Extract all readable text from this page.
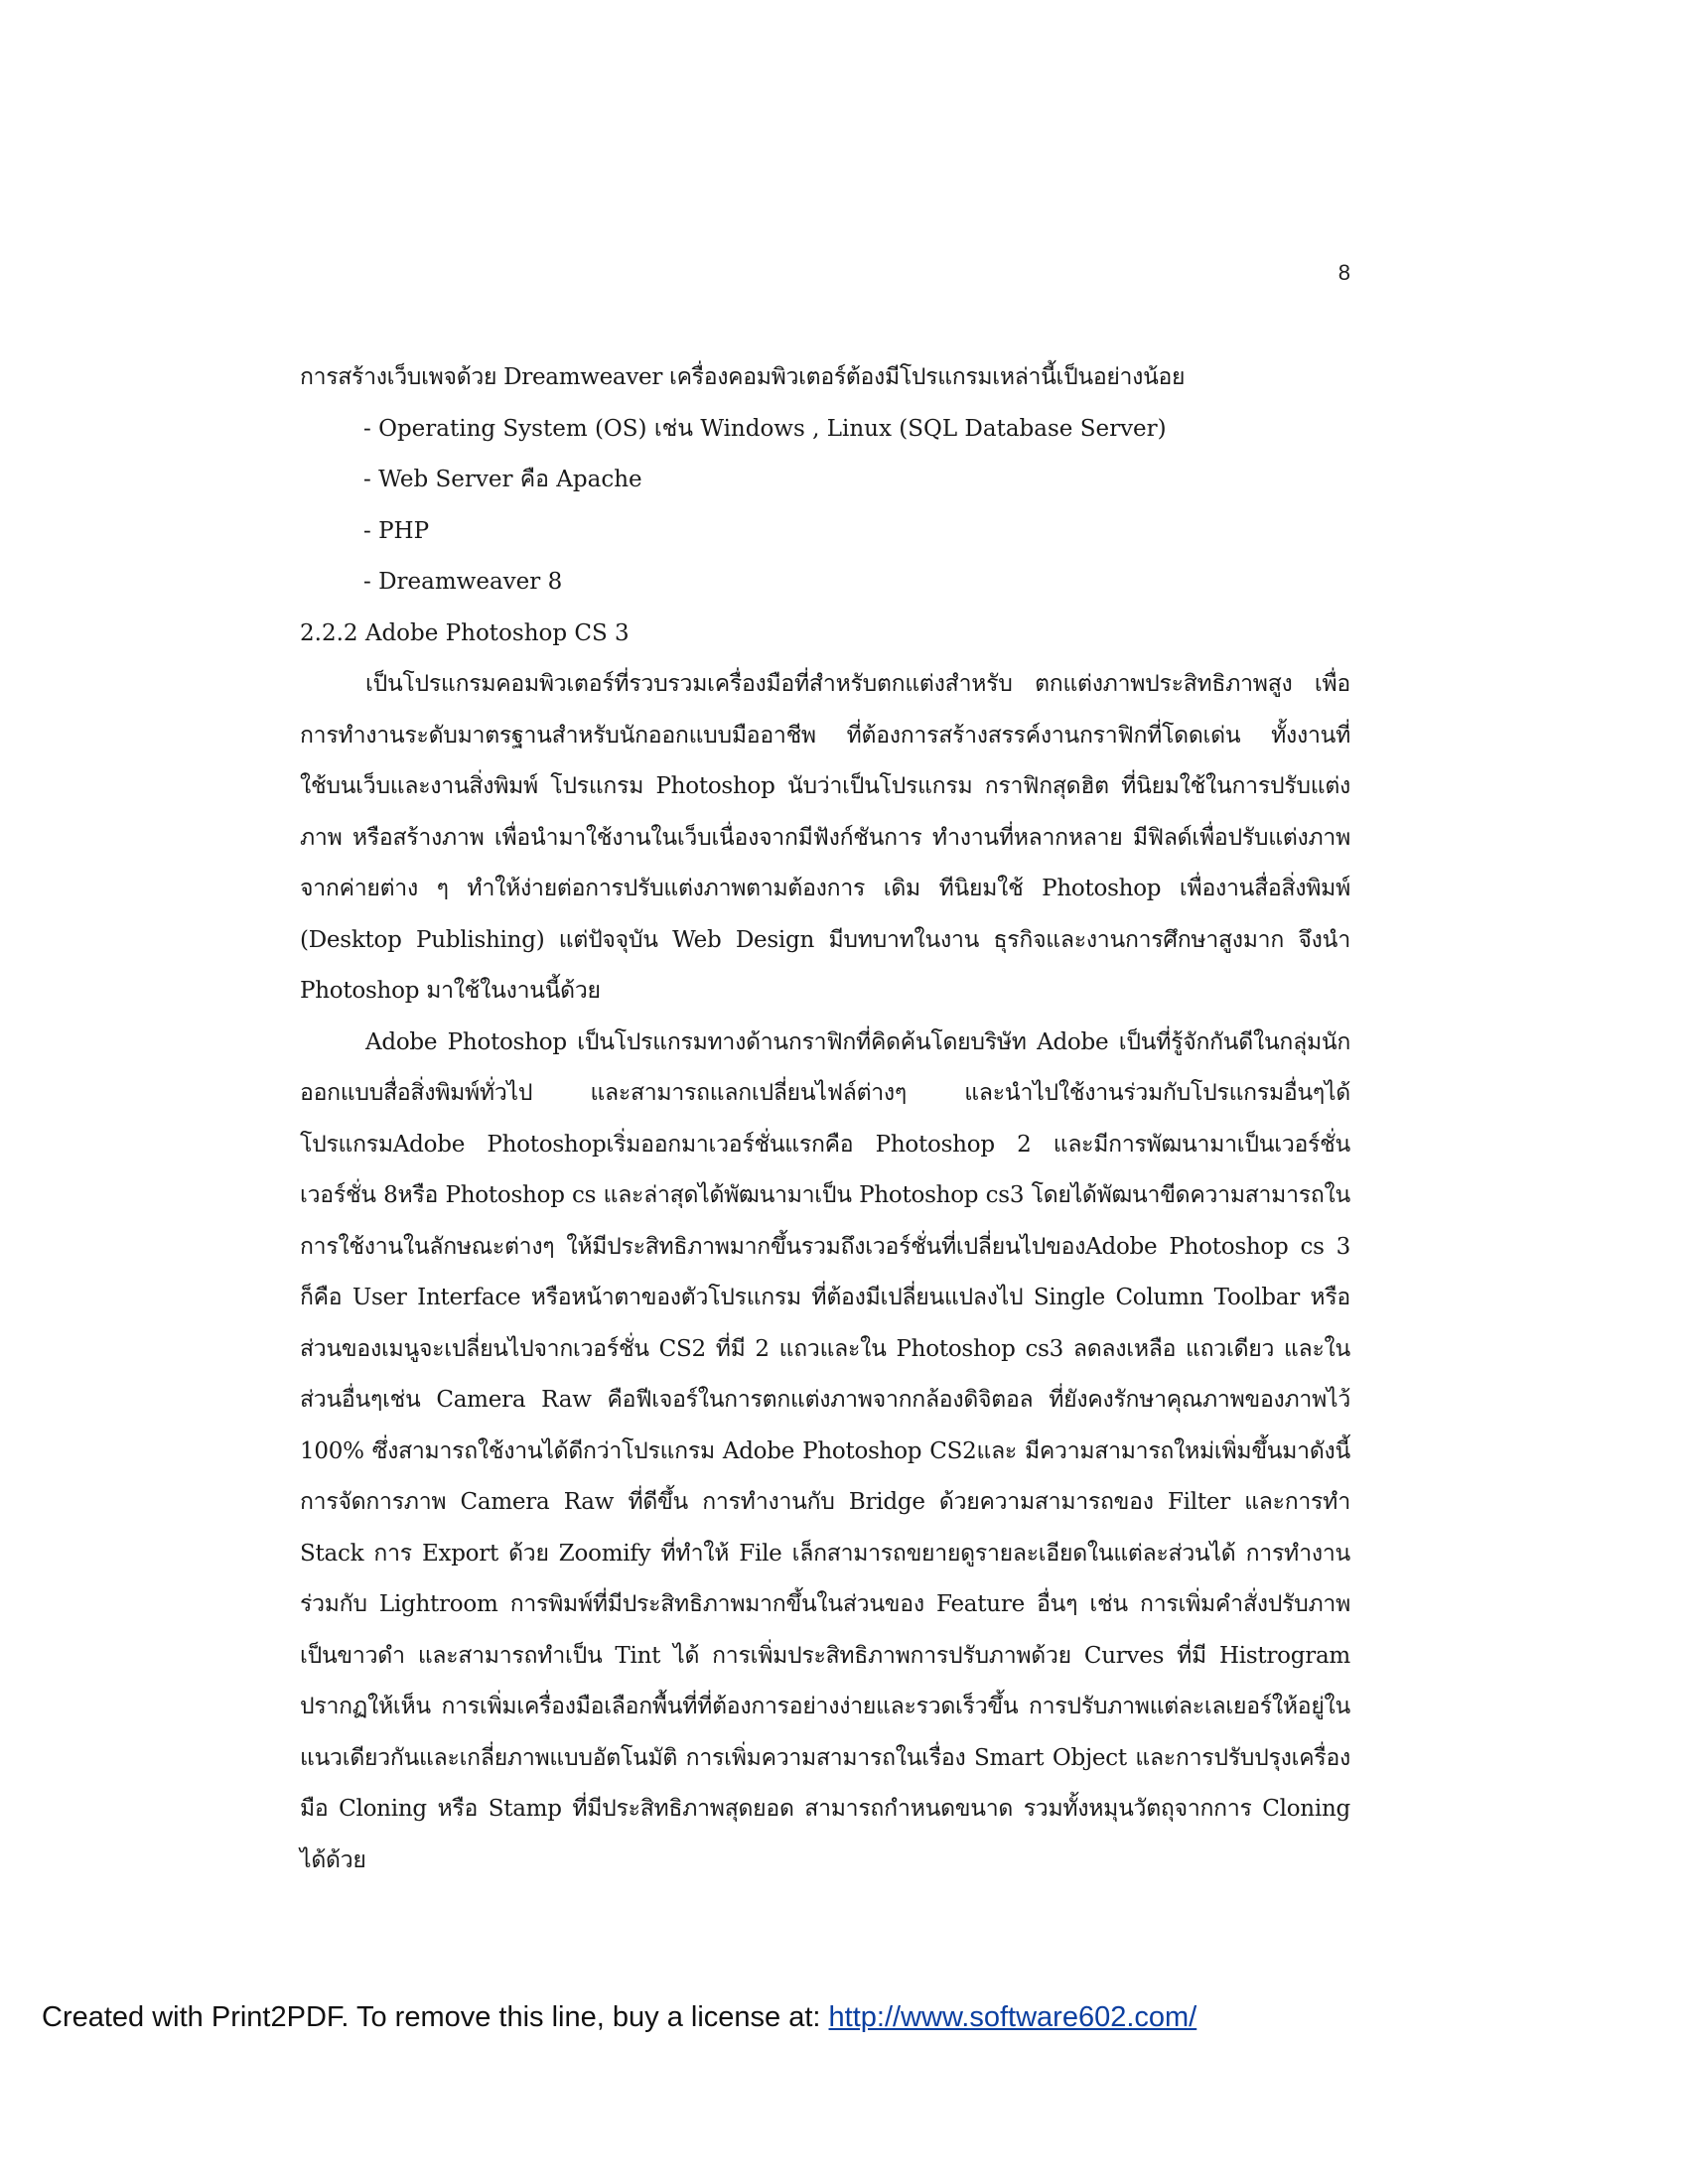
8

การสร้างเว็บเพจด้วย Dreamweaver เครื่องคอมพิวเตอร์ต้องมีโปรแกรมเหล่านี้เป็นอย่างน้อย

- Operating System (OS) เช่น Windows , Linux (SQL Database Server)
- Web Server คือ Apache
- PHP
- Dreamweaver 8
2.2.2 Adobe Photoshop CS 3

เป็นโปรแกรมคอมพิวเตอร์ที่รวบรวมเครื่องมือที่สำหรับตกแต่งสำหรับ ตกแต่งภาพประสิทธิภาพสูง เพื่อการทำงานระดับมาตรฐานสำหรับนักออกแบบมืออาชีพ ที่ต้องการสร้างสรรค์งานกราฟิกที่โดดเด่น ทั้งงานที่ใช้บนเว็บและงานสิ่งพิมพ์ โปรแกรม Photoshop นับว่าเป็นโปรแกรม กราฟิกสุดฮิต ที่นิยมใช้ในการปรับแต่งภาพ หรือสร้างภาพ เพื่อนำมาใช้งานในเว็บเนื่องจากมีฟังก์ชันการ ทำงานที่หลากหลาย มีฟิลด์เพื่อปรับแต่งภาพจากค่ายต่าง ๆ ทำให้ง่ายต่อการปรับแต่งภาพตามต้องการ เดิม ทีนิยมใช้ Photoshop เพื่องานสื่อสิ่งพิมพ์ (Desktop Publishing) แต่ปัจจุบัน Web Design มีบทบาทในงาน ธุรกิจและงานการศึกษาสูงมาก จึงนำ Photoshop มาใช้ในงานนี้ด้วย

Adobe Photoshop เป็นโปรแกรมทางด้านกราฟิกที่คิดค้นโดยบริษัท Adobe เป็นที่รู้จักกันดีในกลุ่มนักออกแบบสื่อสิ่งพิมพ์ทั่วไป และสามารถแลกเปลี่ยนไฟล์ต่างๆ และนำไปใช้งานร่วมกับโปรแกรมอื่นๆได้ โปรแกรมAdobe Photoshopเริ่มออกมาเวอร์ชั่นแรกคือ Photoshop 2 และมีการพัฒนามาเป็นเวอร์ชั่นเวอร์ชั่น 8หรือ Photoshop cs และล่าสุดได้พัฒนามาเป็น Photoshop cs3 โดยได้พัฒนาขีดความสามารถในการใช้งานในลักษณะต่างๆ ให้มีประสิทธิภาพมากขึ้นรวมถึงเวอร์ชั่นที่เปลี่ยนไปของAdobe Photoshop cs 3 ก็คือ User Interface หรือหน้าตาของตัวโปรแกรม ที่ต้องมีเปลี่ยนแปลงไป Single Column Toolbar หรือส่วนของเมนูจะเปลี่ยนไปจากเวอร์ชั่น CS2 ที่มี 2 แถวและใน Photoshop cs3 ลดลงเหลือ แถวเดียว และในส่วนอื่นๆเช่น Camera Raw คือฟีเจอร์ในการตกแต่งภาพจากกล้องดิจิตอล ที่ยังคงรักษาคุณภาพของภาพไว้ 100% ซึ่งสามารถใช้งานได้ดีกว่าโปรแกรม Adobe Photoshop CS2และ มีความสามารถใหม่เพิ่มขึ้นมาดังนี้ การจัดการภาพ Camera Raw ที่ดีขึ้น การทำงานกับ Bridge ด้วยความสามารถของ Filter และการทำ Stack การ Export ด้วย Zoomify ที่ทำให้ File เล็กสามารถขยายดูรายละเอียดในแต่ละส่วนได้ การทำงานร่วมกับ Lightroom การพิมพ์ที่มีประสิทธิภาพมากขึ้นในส่วนของ Feature อื่นๆ เช่น การเพิ่มคำสั่งปรับภาพเป็นขาวดำ และสามารถทำเป็น Tint ได้ การเพิ่มประสิทธิภาพการปรับภาพด้วย Curves ที่มี Histrogram ปรากฏให้เห็น การเพิ่มเครื่องมือเลือกพื้นที่ที่ต้องการอย่างง่ายและรวดเร็วขึ้น การปรับภาพแต่ละเลเยอร์ให้อยู่ในแนวเดียวกันและเกลี่ยภาพแบบอัตโนมัติ การเพิ่มความสามารถในเรื่อง Smart Object และการปรับปรุงเครื่องมือ Cloning หรือ Stamp ที่มีประสิทธิภาพสุดยอด สามารถกำหนดขนาด รวมทั้งหมุนวัตถุจากการ Cloning ได้ด้วย

Created with Print2PDF. To remove this line, buy a license at: http://www.software602.com/
